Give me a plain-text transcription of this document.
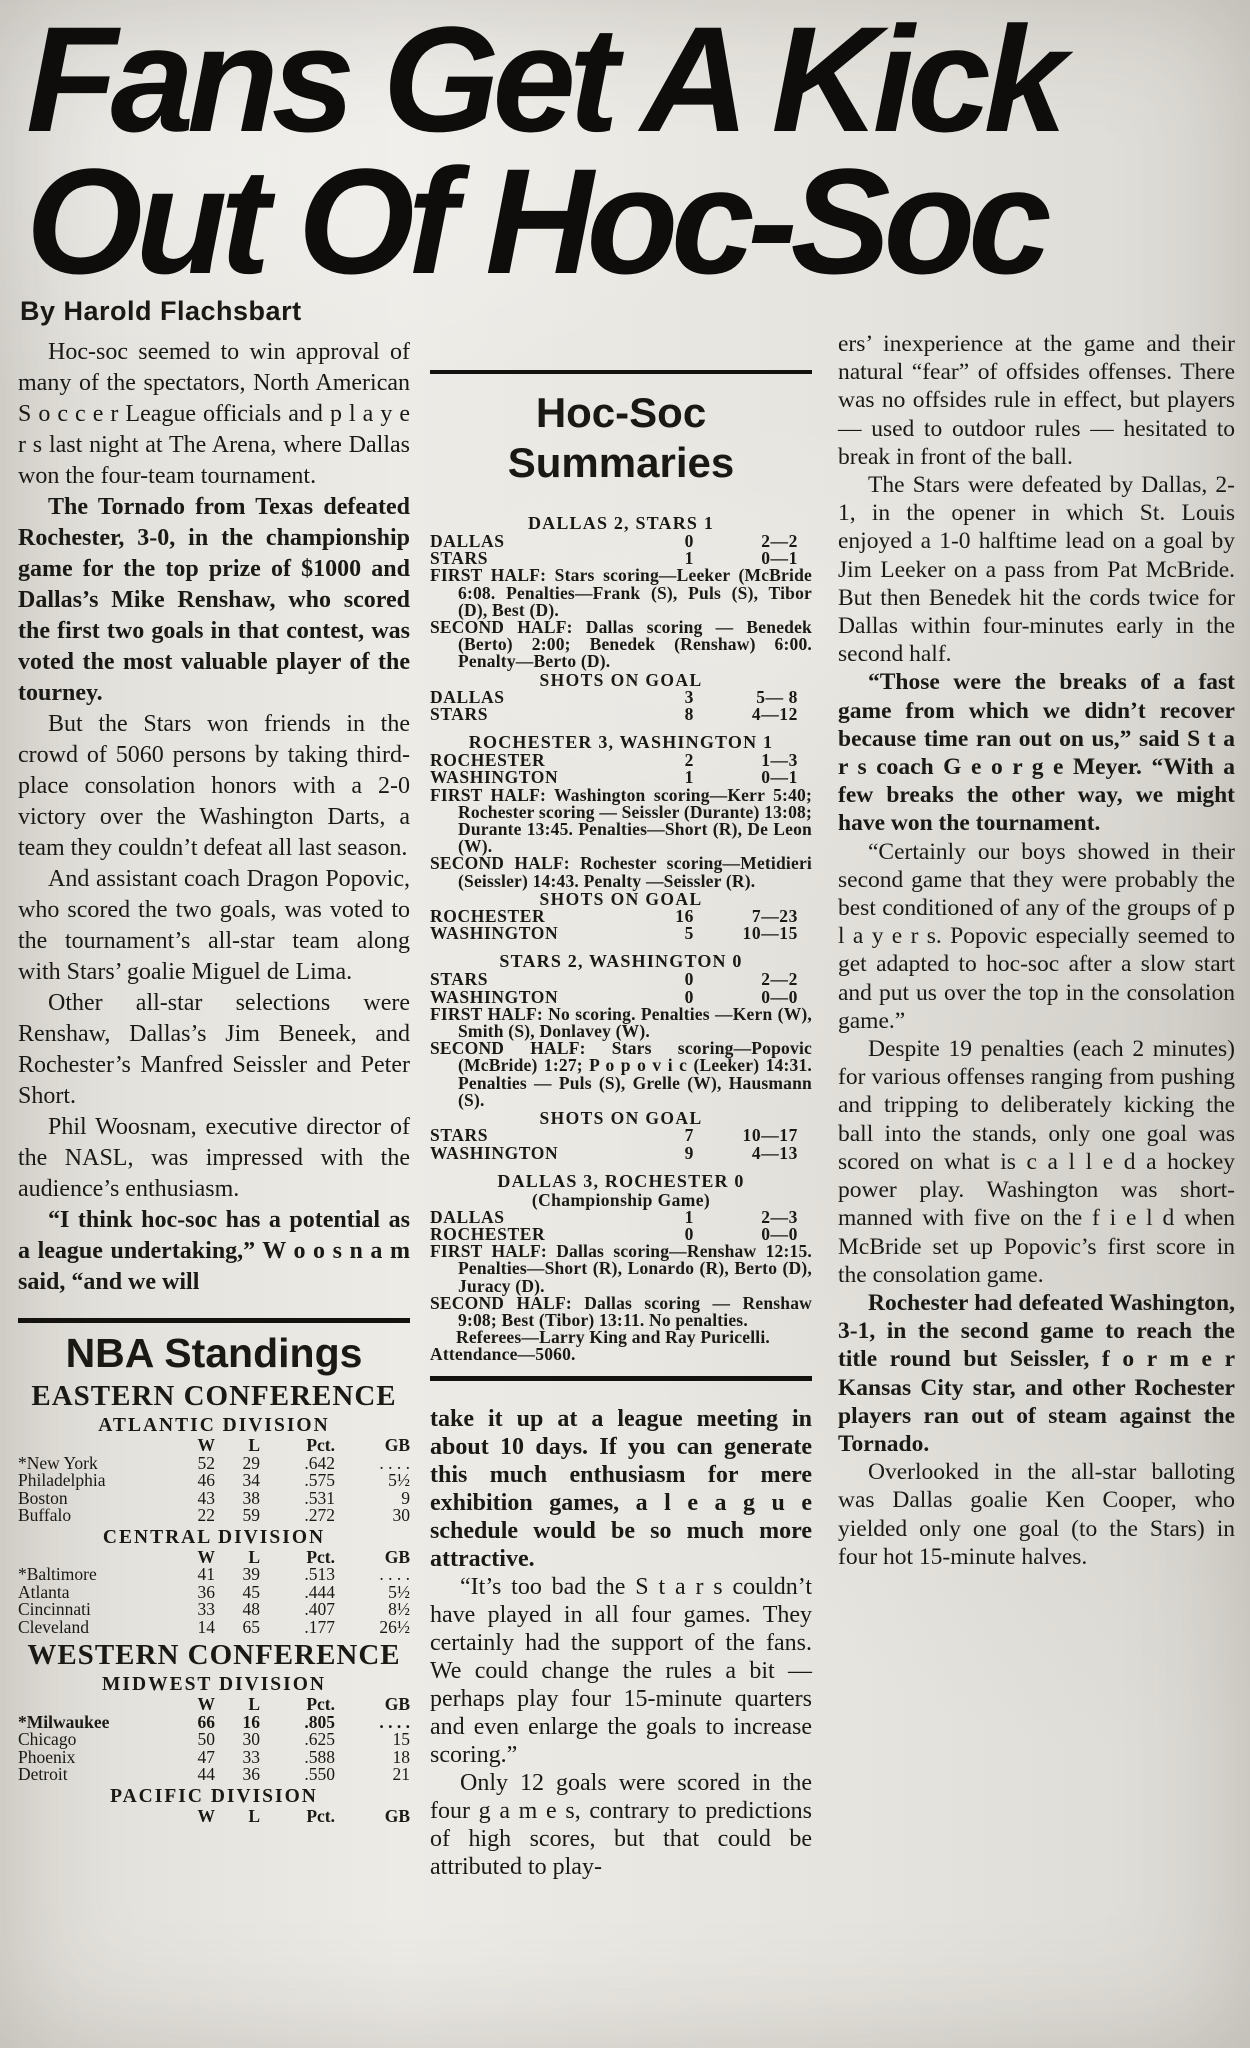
Fans Get A Kick
Out Of Hoc-Soc
By Harold Flachsbart

Hoc-soc seemed to win approval of many of the spectators, North American S o c c e r League officials and p l a y e r s last night at The Arena, where Dallas won the four-team tournament.

The Tornado from Texas defeated Rochester, 3-0, in the championship game for the top prize of $1000 and Dallas’s Mike Renshaw, who scored the first two goals in that contest, was voted the most valuable player of the tourney.

But the Stars won friends in the crowd of 5060 persons by taking third-place consolation honors with a 2-0 victory over the Washington Darts, a team they couldn’t defeat all last season.

And assistant coach Dragon Popovic, who scored the two goals, was voted to the tournament’s all-star team along with Stars’ goalie Miguel de Lima.

Other all-star selections were Renshaw, Dallas’s Jim Beneek, and Rochester’s Manfred Seissler and Peter Short.

Phil Woosnam, executive director of the NASL, was impressed with the audience’s enthusiasm.

“I think hoc-soc has a potential as a league undertaking,” W o o s n a m said, “and we will

NBA Standings
EASTERN CONFERENCE
ATLANTIC DIVISION
W	L	Pct.	GB
*New York	52	29	.642	. . . .
Philadelphia	46	34	.575	5½
Boston	43	38	.531	9
Buffalo	22	59	.272	30
CENTRAL DIVISION
W	L	Pct.	GB
*Baltimore	41	39	.513	. . . .
Atlanta	36	45	.444	5½
Cincinnati	33	48	.407	8½
Cleveland	14	65	.177	26½
WESTERN CONFERENCE
MIDWEST DIVISION
W	L	Pct.	GB
*Milwaukee	66	16	.805	. . . .
Chicago	50	30	.625	15
Phoenix	47	33	.588	18
Detroit	44	36	.550	21
PACIFIC DIVISION
W	L	Pct.	GB
Hoc-Soc Summaries
DALLAS 2, STARS 1
DALLAS	0	2—2
STARS	1	0—1

FIRST HALF: Stars scoring—Leeker (McBride 6:08. Penalties—Frank (S), Puls (S), Tibor (D), Best (D).

SECOND HALF: Dallas scoring — Benedek (Berto) 2:00; Benedek (Renshaw) 6:00. Penalty—Berto (D).

SHOTS ON GOAL
DALLAS	3	5— 8
STARS	8	4—12
ROCHESTER 3, WASHINGTON 1
ROCHESTER	2	1—3
WASHINGTON	1	0—1

FIRST HALF: Washington scoring—Kerr 5:40; Rochester scoring — Seissler (Durante) 13:08; Durante 13:45. Penalties—Short (R), De Leon (W).

SECOND HALF: Rochester scoring—Metidieri (Seissler) 14:43. Penalty —Seissler (R).

SHOTS ON GOAL
ROCHESTER	16	7—23
WASHINGTON	5	10—15
STARS 2, WASHINGTON 0
STARS	0	2—2
WASHINGTON	0	0—0

FIRST HALF: No scoring. Penalties —Kern (W), Smith (S), Donlavey (W).

SECOND HALF: Stars scoring—Popovic (McBride) 1:27; P o p o v i c (Leeker) 14:31. Penalties — Puls (S), Grelle (W), Hausmann (S).

SHOTS ON GOAL
STARS	7	10—17
WASHINGTON	9	4—13
DALLAS 3, ROCHESTER 0
(Championship Game)
DALLAS	1	2—3
ROCHESTER	0	0—0

FIRST HALF: Dallas scoring—Renshaw 12:15. Penalties—Short (R), Lonardo (R), Berto (D), Juracy (D).

SECOND HALF: Dallas scoring — Renshaw 9:08; Best (Tibor) 13:11. No penalties.

Referees—Larry King and Ray Puricelli.

Attendance—5060.

take it up at a league meeting in about 10 days. If you can generate this much enthusiasm for mere exhibition games, a l e a g u e schedule would be so much more attractive.

“It’s too bad the S t a r s couldn’t have played in all four games. They certainly had the support of the fans. We could change the rules a bit — perhaps play four 15-minute quarters and even enlarge the goals to increase scoring.”

Only 12 goals were scored in the four g a m e s, contrary to predictions of high scores, but that could be attributed to play-

ers’ inexperience at the game and their natural “fear” of offsides offenses. There was no offsides rule in effect, but players — used to outdoor rules — hesitated to break in front of the ball.

The Stars were defeated by Dallas, 2-1, in the opener in which St. Louis enjoyed a 1-0 halftime lead on a goal by Jim Leeker on a pass from Pat McBride. But then Benedek hit the cords twice for Dallas within four-minutes early in the second half.

“Those were the breaks of a fast game from which we didn’t recover because time ran out on us,” said S t a r s coach G e o r g e Meyer. “With a few breaks the other way, we might have won the tournament.

“Certainly our boys showed in their second game that they were probably the best conditioned of any of the groups of p l a y e r s. Popovic especially seemed to get adapted to hoc-soc after a slow start and put us over the top in the consolation game.”

Despite 19 penalties (each 2 minutes) for various offenses ranging from pushing and tripping to deliberately kicking the ball into the stands, only one goal was scored on what is c a l l e d a hockey power play. Washington was short-manned with five on the f i e l d when McBride set up Popovic’s first score in the consolation game.

Rochester had defeated Washington, 3-1, in the second game to reach the title round but Seissler, f o r m e r Kansas City star, and other Rochester players ran out of steam against the Tornado.

Overlooked in the all-star balloting was Dallas goalie Ken Cooper, who yielded only one goal (to the Stars) in four hot 15-minute halves.
